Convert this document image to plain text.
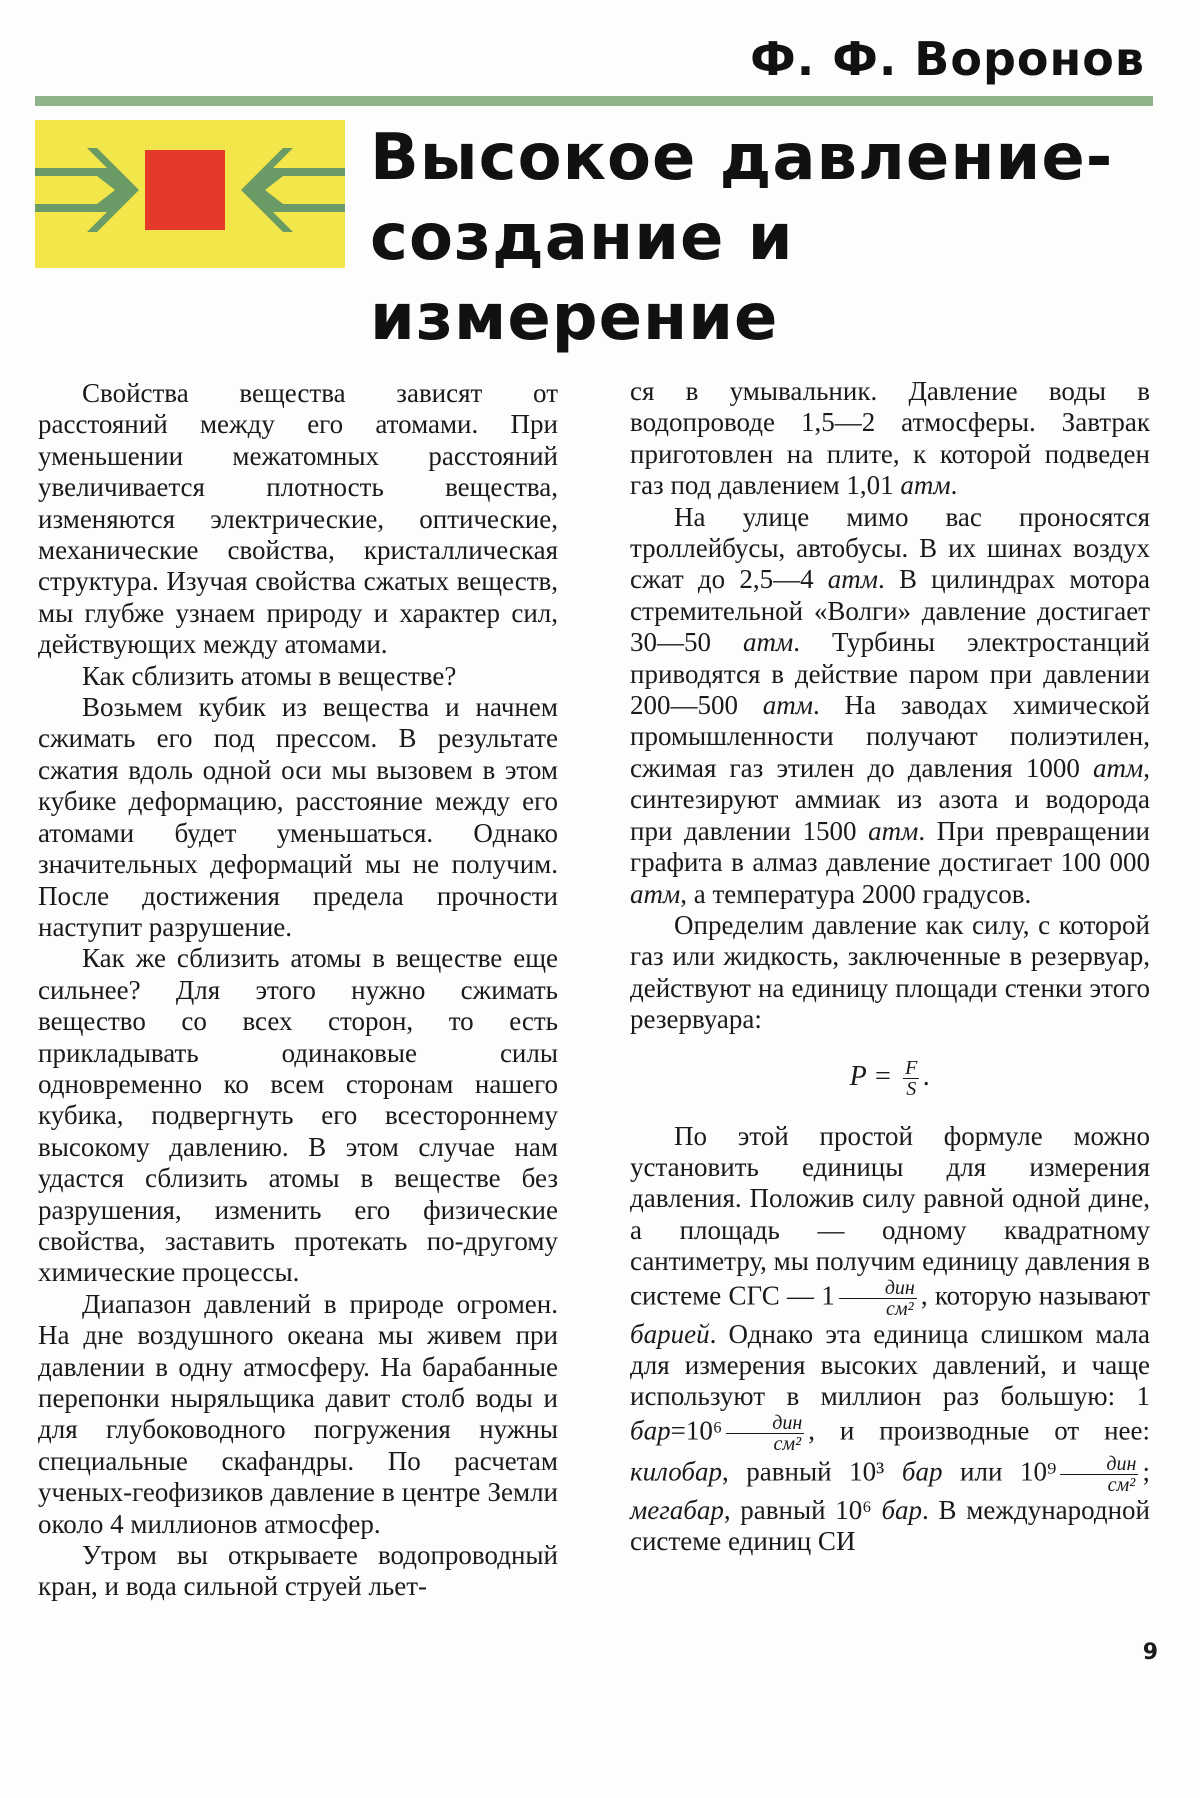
Ф. Ф. Воронов
Высокое давление-
создание и измерение

Свойства вещества зависят от расстояний между его атомами. При уменьшении межатомных расстояний увеличивается плотность вещества, изменяются электрические, оптические, механические свойства, кристаллическая структура. Изучая свойства сжатых веществ, мы глубже узнаем природу и характер сил, действующих между атомами.

Как сблизить атомы в веществе?

Возьмем кубик из вещества и начнем сжимать его под прессом. В результате сжатия вдоль одной оси мы вызовем в этом кубике деформацию, расстояние между его атомами будет уменьшаться. Однако значительных деформаций мы не получим. После достижения предела прочности наступит разрушение.

Как же сблизить атомы в веществе еще сильнее? Для этого нужно сжимать вещество со всех сторон, то есть прикладывать одинаковые силы одновременно ко всем сторонам нашего кубика, подвергнуть его всестороннему высокому давлению. В этом случае нам удастся сблизить атомы в веществе без разрушения, изменить его физические свойства, заставить протекать по-другому химические процессы.

Диапазон давлений в природе огромен. На дне воздушного океана мы живем при давлении в одну атмосферу. На барабанные перепонки ныряльщика давит столб воды и для глубоководного погружения нужны специальные скафандры. По расчетам ученых-геофизиков давление в центре Земли около 4 миллионов атмосфер.

Утром вы открываете водопроводный кран, и вода сильной струей льет-

ся в умывальник. Давление воды в водопроводе 1,5—2 атмосферы. Завтрак приготовлен на плите, к которой подведен газ под давлением 1,01 атм.

На улице мимо вас проносятся троллейбусы, автобусы. В их шинах воздух сжат до 2,5—4 атм. В цилиндрах мотора стремительной «Волги» давление достигает 30—50 атм. Турбины электростанций приводятся в действие паром при давлении 200—500 атм. На заводах химической промышленности получают полиэтилен, сжимая газ этилен до давления 1000 атм, синтезируют аммиак из азота и водорода при давлении 1500 атм. При превращении графита в алмаз давление достигает 100 000 атм, а температура 2000 градусов.

Определим давление как силу, с которой газ или жидкость, заключенные в резервуар, действуют на единицу площади стенки этого резервуара:

$P = \frac{F}{S}$ .

По этой простой формуле можно установить единицы для измерения давления. Положив силу равной одной дине, а площадь — одному квадратному сантиметру, мы получим единицу давления в системе СГС — $1 \frac{\text{дин}}{\text{см²}}$ , которую называют барией. Однако эта единица слишком мала для измерения высоких давлений, и чаще используют в миллион раз большую: 1 $бар=10^6 \frac{\text{дин}}{\text{см²}}$ , и производные от нее: килобар, равный 10³ бар или $10^9 \frac{\text{дин}}{\text{см²}}$ ; мегабар, равный 10⁶ бар. В международной системе единиц СИ

9
